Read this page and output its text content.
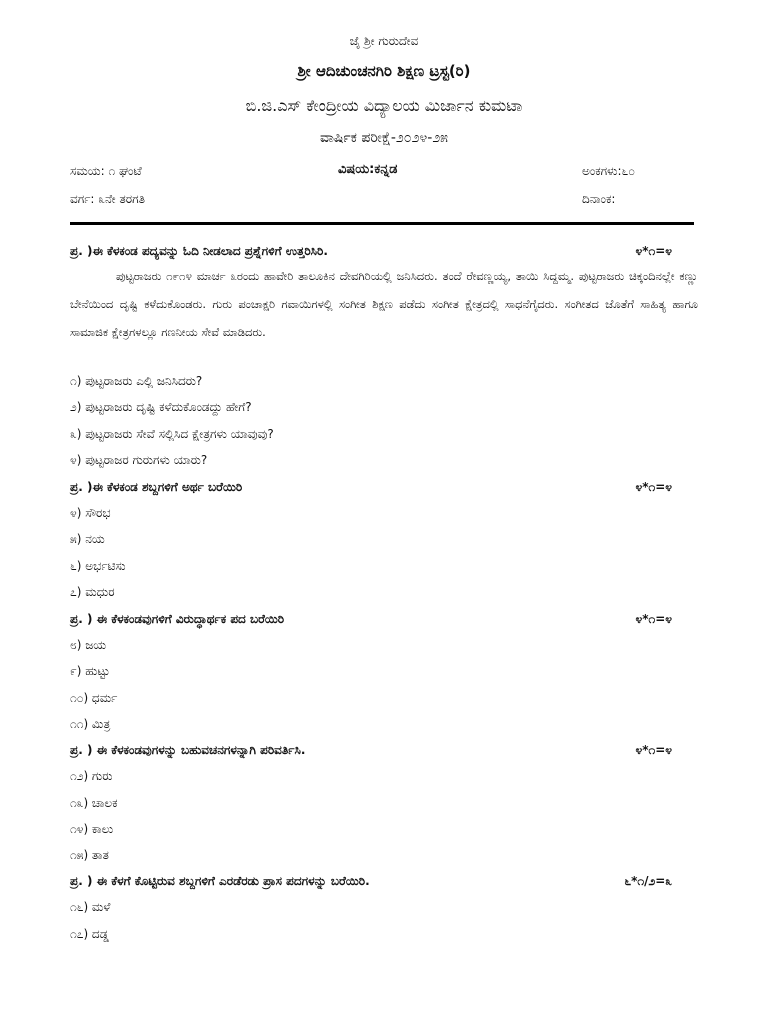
ಜೈ ಶ್ರೀ ಗುರುದೇವ
ಶ್ರೀ ಆದಿಚುಂಚನಗಿರಿ ಶಿಕ್ಷಣ ಟ್ರಸ್ಟ(ರಿ)
ಬಿ.ಜಿ.ಎಸ್ ಕೇಂದ್ರೀಯ ವಿದ್ಯಾಲಯ ಮಿರ್ಜಾನ ಕುಮಟಾ
ವಾರ್ಷಿಕ ಪರೀಕ್ಷೆ-೨೦೨೪-೨೫
ಸಮಯ: ೧ ಘಂಟೆ	ವಿಷಯ:ಕನ್ನಡ	ಅಂಕಗಳು:೬೦
ವರ್ಗ: ೩ನೇ ತರಗತಿ	ದಿನಾಂಕ:
ಪ್ರ. )ಈ ಕೆಳಕಂಡ ಪದ್ಯವನ್ನು ಓದಿ ನೀಡಲಾದ ಪ್ರಶ್ನೆಗಳಿಗೆ ಉತ್ತರಿಸಿರಿ.	೪*೧=೪
ಪುಟ್ಟರಾಜರು ೧೯೧೪ ಮಾರ್ಚ ೩ರಂದು ಹಾವೇರಿ ತಾಲೂಕಿನ ದೇವಗಿರಿಯಲ್ಲಿ ಜನಿಸಿದರು. ತಂದೆ ರೇವಣ್ಣಯ್ಯ, ತಾಯಿ ಸಿದ್ದಮ್ಮ. ಪುಟ್ಟರಾಜರು ಚಿಕ್ಕಂದಿನಲ್ಲೇ ಕಣ್ಣು ಬೇನೆಯಿಂದ ದೃಷ್ಟಿ ಕಳೆದುಕೊಂಡರು. ಗುರು ಪಂಚಾಕ್ಷರಿ ಗವಾಯಿಗಳಲ್ಲಿ ಸಂಗೀತ ಶಿಕ್ಷಣ ಪಡೆದು ಸಂಗೀತ ಕ್ಷೇತ್ರದಲ್ಲಿ ಸಾಧನೆಗೈದರು. ಸಂಗೀತದ ಜೊತೆಗೆ ಸಾಹಿತ್ಯ ಹಾಗೂ ಸಾಮಾಜಿಕ ಕ್ಷೇತ್ರಗಳಲ್ಲೂ ಗಣನೀಯ ಸೇವೆ ಮಾಡಿದರು.
೧) ಪುಟ್ಟರಾಜರು ಎಲ್ಲಿ ಜನಿಸಿದರು?
೨) ಪುಟ್ಟರಾಜರು ದೃಷ್ಟಿ ಕಳೆದುಕೊಂಡದ್ದು ಹೇಗೆ?
೩) ಪುಟ್ಟರಾಜರು ಸೇವೆ ಸಲ್ಲಿಸಿದ ಕ್ಷೇತ್ರಗಳು ಯಾವುವು?
೪) ಪುಟ್ಟರಾಜರ ಗುರುಗಳು ಯಾರು?
ಪ್ರ. )ಈ ಕೆಳಕಂಡ ಶಬ್ದಗಳಿಗೆ ಅರ್ಥ ಬರೆಯಿರಿ	೪*೧=೪
೪) ಸೌರಭ
೫) ನಯ
೬) ಅರ್ಭಟಿಸು
೭) ಮಧುರ
ಪ್ರ. ) ಈ ಕೆಳಕಂಡವುಗಳಿಗೆ ವಿರುದ್ಧಾರ್ಥಕ ಪದ ಬರೆಯಿರಿ	೪*೧=೪
೮) ಜಯ
೯) ಹುಟ್ಟು
೧೦) ಧರ್ಮ
೧೧) ಮಿತ್ರ
ಪ್ರ. ) ಈ ಕೆಳಕಂಡವುಗಳನ್ನು ಬಹುವಚನಗಳನ್ನಾಗಿ ಪರಿವರ್ತಿಸಿ.	೪*೧=೪
೧೨) ಗುರು
೧೩) ಚಾಲಕ
೧೪) ಕಾಲು
೧೫) ತಾತ
ಪ್ರ. ) ಈ ಕೆಳಗೆ ಕೊಟ್ಟಿರುವ ಶಬ್ದಗಳಿಗೆ ಎರಡೆರಡು ಪ್ರಾಸ ಪದಗಳನ್ನು ಬರೆಯಿರಿ.	೬*೧/೨=೩
೧೬) ಮಳೆ
೧೭) ದಡ್ಡ
